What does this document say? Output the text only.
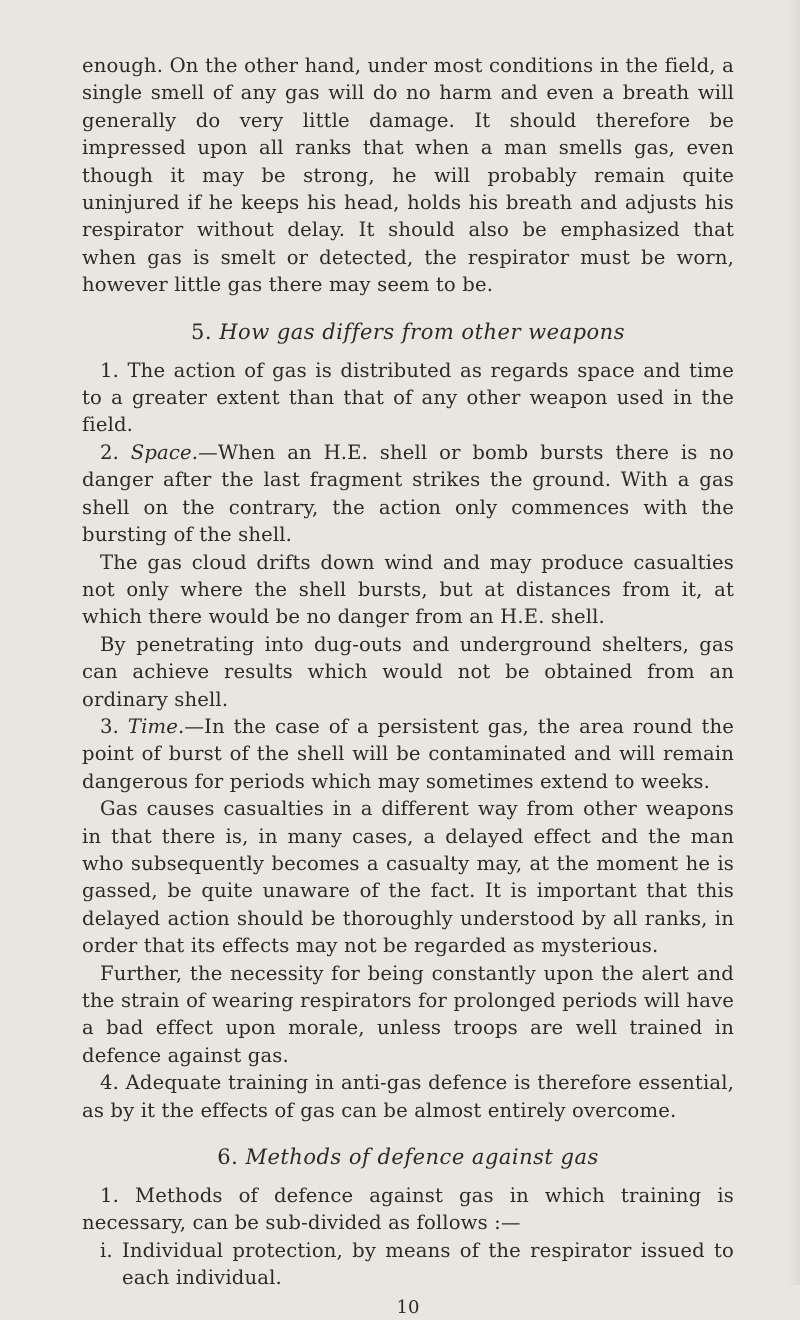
enough. On the other hand, under most conditions in the field, a single smell of any gas will do no harm and even a breath will generally do very little damage. It should therefore be impressed upon all ranks that when a man smells gas, even though it may be strong, he will probably remain quite uninjured if he keeps his head, holds his breath and adjusts his respirator without delay. It should also be emphasized that when gas is smelt or detected, the respirator must be worn, however little gas there may seem to be.

5. How gas differs from other weapons

1. The action of gas is distributed as regards space and time to a greater extent than that of any other weapon used in the field.

2. Space.—When an H.E. shell or bomb bursts there is no danger after the last fragment strikes the ground. With a gas shell on the contrary, the action only commences with the bursting of the shell.

The gas cloud drifts down wind and may produce casualties not only where the shell bursts, but at distances from it, at which there would be no danger from an H.E. shell.

By penetrating into dug-outs and underground shelters, gas can achieve results which would not be obtained from an ordinary shell.

3. Time.—In the case of a persistent gas, the area round the point of burst of the shell will be contaminated and will remain dangerous for periods which may sometimes extend to weeks.

Gas causes casualties in a different way from other weapons in that there is, in many cases, a delayed effect and the man who subsequently becomes a casualty may, at the moment he is gassed, be quite unaware of the fact. It is important that this delayed action should be thoroughly understood by all ranks, in order that its effects may not be regarded as mysterious.

Further, the necessity for being constantly upon the alert and the strain of wearing respirators for prolonged periods will have a bad effect upon morale, unless troops are well trained in defence against gas.

4. Adequate training in anti-gas defence is therefore essential, as by it the effects of gas can be almost entirely overcome.

6. Methods of defence against gas

1. Methods of defence against gas in which training is necessary, can be sub-divided as follows :—

i. Individual protection, by means of the respirator issued to each individual.

10
